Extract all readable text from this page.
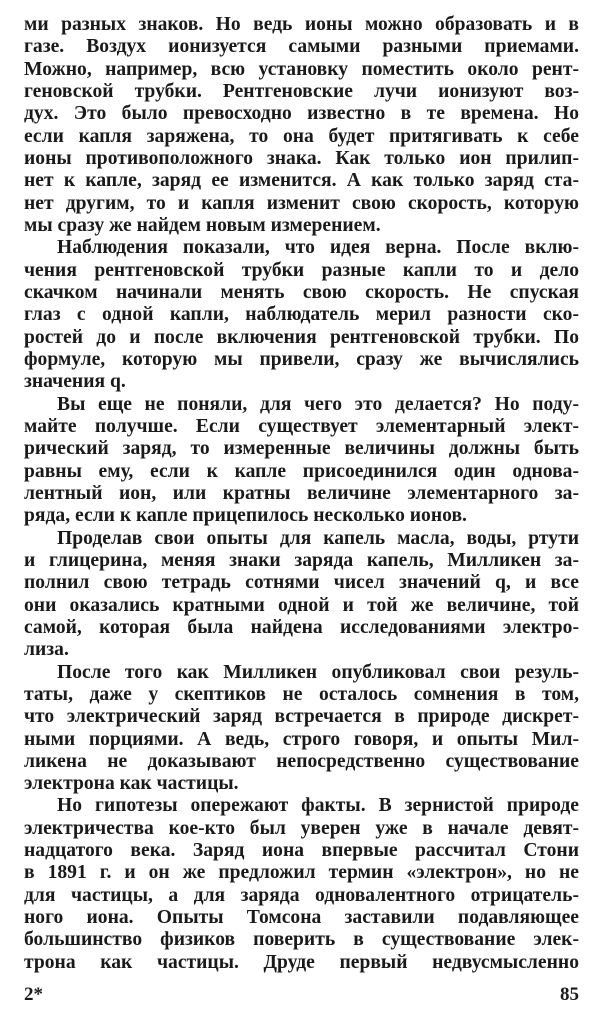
ми разных знаков. Но ведь ионы можно образовать и в
газе. Воздух ионизуется самыми разными приемами.
Можно, например, всю установку поместить около рент-
геновской трубки. Рентгеновские лучи ионизуют воз-
дух. Это было превосходно известно в те времена. Но
если капля заряжена, то она будет притягивать к себе
ионы противоположного знака. Как только ион прилип-
нет к капле, заряд ее изменится. А как только заряд ста-
нет другим, то и капля изменит свою скорость, которую
мы сразу же найдем новым измерением.
Наблюдения показали, что идея верна. После вклю-
чения рентгеновской трубки разные капли то и дело
скачком начинали менять свою скорость. Не спуская
глаз с одной капли, наблюдатель мерил разности ско-
ростей до и после включения рентгеновской трубки. По
формуле, которую мы привели, сразу же вычислялись
значения q.
Вы еще не поняли, для чего это делается? Но поду-
майте получше. Если существует элементарный элект-
рический заряд, то измеренные величины должны быть
равны ему, если к капле присоединился один однова-
лентный ион, или кратны величине элементарного за-
ряда, если к капле прицепилось несколько ионов.
Проделав свои опыты для капель масла, воды, ртути
и глицерина, меняя знаки заряда капель, Милликен за-
полнил свою тетрадь сотнями чисел значений q, и все
они оказались кратными одной и той же величине, той
самой, которая была найдена исследованиями электро-
лиза.
После того как Милликен опубликовал свои резуль-
таты, даже у скептиков не осталось сомнения в том,
что электрический заряд встречается в природе дискрет-
ными порциями. А ведь, строго говоря, и опыты Мил-
ликена не доказывают непосредственно существование
электрона как частицы.
Но гипотезы опережают факты. В зернистой природе
электричества кое-кто был уверен уже в начале девят-
надцатого века. Заряд иона впервые рассчитал Стони
в 1891 г. и он же предложил термин «электрон», но не
для частицы, а для заряда одновалентного отрицатель-
ного иона. Опыты Томсона заставили подавляющее
большинство физиков поверить в существование элек-
трона как частицы. Друде первый недвусмысленно
2*	85
